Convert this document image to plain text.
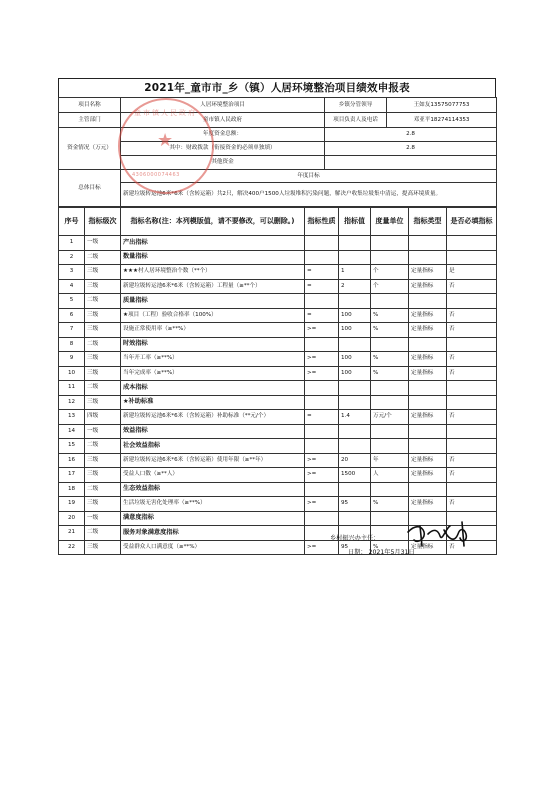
2021年_童市市_乡（镇）人居环境整治项目绩效申报表
项目名称	人居环境整治项目	乡镇分管领导	王如友13575077753
主管部门	童市镇人民政府	项目负责人及电话	邓亚平18274114353
资金情况（万元）	年度资金总额：	2.8	
	其中：财政拨款（衔接资金的必须单独填）	2.8	
	其他资金		
总体目标	年度目标		
	新建垃圾转运池6米*6米（含转运箱）共2只，解决400户1500人垃圾堆积污染问题，解决户收集垃圾集中清运，提高环境质量。		
序号	指标级次	指标名称(注：本列模版值，请不要修改，可以删除。)	指标性质	指标值	度量单位	指标类型	是否必填指标
1	一级	产出指标					
2	二级	数量指标					
3	三级	★★★村人居环境整治个数（**个）	=	1	个	定量指标	是
4	三级	新建垃圾转运池6米*6米（含转运箱）工程量（≥**个）	=	2	个	定量指标	否
5	二级	质量指标					
6	三级	★项目（工程）验收合格率（100%）	=	100	%	定量指标	否
7	三级	设施正常使用率（≥**%）	>=	100	%	定量指标	否
8	二级	时效指标					
9	三级	当年开工率（≥**%）	>=	100	%	定量指标	否
10	三级	当年完成率（≥**%）	>=	100	%	定量指标	否
11	二级	成本指标					
12	三级	★补助标准					
13	四级	新建垃圾转运池6米*6米（含转运箱）补助标准（**元/个）	=	1.4	万元/个	定量指标	否
14	一级	效益指标					
15	二级	社会效益指标					
16	三级	新建垃圾转运池6米*6米（含转运箱）使用年限（≥**年）	>=	20	年	定量指标	否
17	三级	受益人口数（≥**人）	>=	1500	人	定量指标	否
18	二级	生态效益指标					
19	三级	生活垃圾无害化处理率（≥**%）	>=	95	%	定量指标	否
20	一级	满意度指标					
21	二级	服务对象满意度指标					
22	三级	受益群众人口满意度（≥**%）	>=	95	%	定量指标	否
童市镇人民政府
★
4306000074463
乡村振兴办主任：
日期： 2021年5月31日
